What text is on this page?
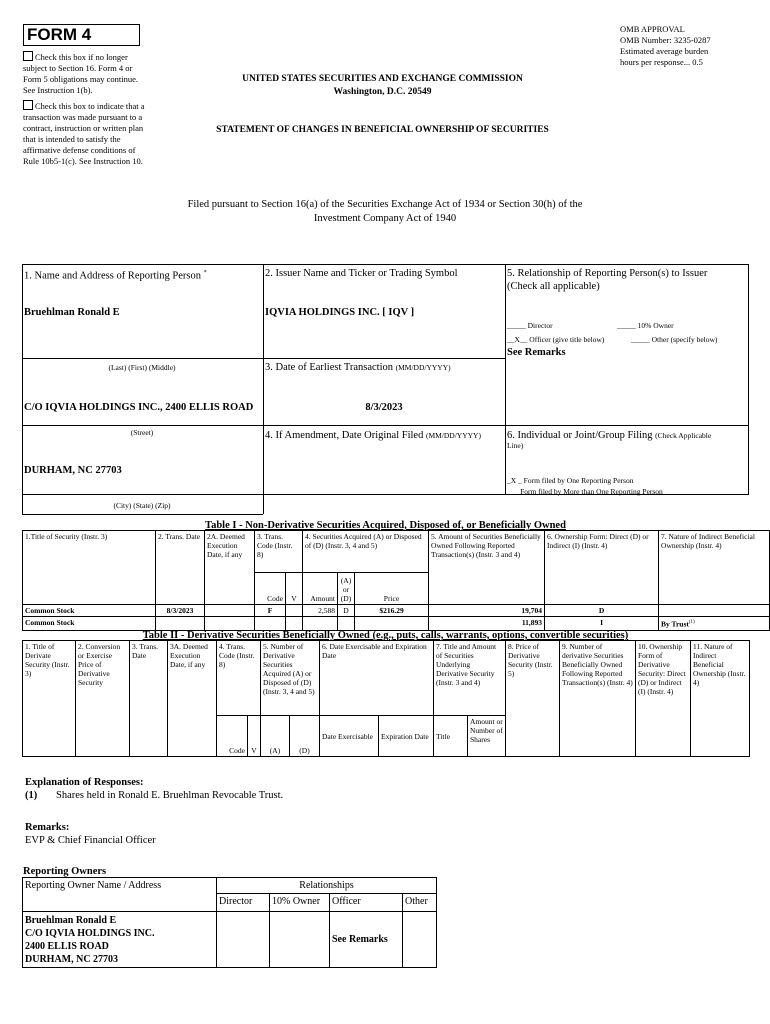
FORM 4
Check this box if no longer subject to Section 16. Form 4 or Form 5 obligations may continue. See Instruction 1(b).
Check this box to indicate that a transaction was made pursuant to a contract, instruction or written plan that is intended to satisfy the affirmative defense conditions of Rule 10b5-1(c). See Instruction 10.
UNITED STATES SECURITIES AND EXCHANGE COMMISSION
Washington, D.C. 20549
STATEMENT OF CHANGES IN BENEFICIAL OWNERSHIP OF SECURITIES
OMB APPROVAL
OMB Number: 3235-0287
Estimated average burden
hours per response... 0.5
Filed pursuant to Section 16(a) of the Securities Exchange Act of 1934 or Section 30(h) of the
Investment Company Act of 1940
1. Name and Address of Reporting Person *
Bruehlman Ronald E
(Last) (First) (Middle)
C/O IQVIA HOLDINGS INC., 2400 ELLIS ROAD
(Street)
DURHAM, NC 27703
(City) (State) (Zip)
2. Issuer Name and Ticker or Trading Symbol
IQVIA HOLDINGS INC. [ IQV ]
3. Date of Earliest Transaction (MM/DD/YYYY)
8/3/2023
4. If Amendment, Date Original Filed (MM/DD/YYYY)
5. Relationship of Reporting Person(s) to Issuer
(Check all applicable)
_____ Director	_____ 10% Owner
__X__ Officer (give title below)	_____ Other (specify below)
See Remarks
6. Individual or Joint/Group Filing (Check Applicable
Line)
_X _ Form filed by One Reporting Person
___ Form filed by More than One Reporting Person
Table I - Non-Derivative Securities Acquired, Disposed of, or Beneficially Owned
1.Title of Security (Instr. 3)	2. Trans. Date	2A. Deemed Execution Date, if any	3. Trans. Code (Instr. 8)		4. Securities Acquired (A) or Disposed of (D) (Instr. 3, 4 and 5)			5. Amount of Securities Beneficially Owned Following Reported Transaction(s) (Instr. 3 and 4)	6. Ownership Form: Direct (D) or Indirect (I) (Instr. 4)	7. Nature of Indirect Beneficial Ownership (Instr. 4)
			Code	V	Amount	(A) or (D)	Price			
Common Stock	8/3/2023		F		2,588	D	$216.29	19,704	D	
Common Stock								11,893	I	By Trust$^{(1)}$
Table II - Derivative Securities Beneficially Owned (e.g., puts, calls, warrants, options, convertible securities)
1. Title of Derivate Security (Instr. 3)	2. Conversion or Exercise Price of Derivative Security	3. Trans. Date	3A. Deemed Execution Date, if any	4. Trans. Code (Instr. 8)		5. Number of Derivative Securities Acquired (A) or Disposed of (D) (Instr. 3, 4 and 5)		6. Date Exercisable and Expiration Date		7. Title and Amount of Securities Underlying Derivative Security (Instr. 3 and 4)		8. Price of Derivative Security (Instr. 5)	9. Number of derivative Securities Beneficially Owned Following Reported Transaction(s) (Instr. 4)	10. Ownership Form of Derivative Security: Direct (D) or Indirect (I) (Instr. 4)	11. Nature of Indirect Beneficial Ownership (Instr. 4)
				Code	V	(A)	(D)	Date Exercisable	Expiration Date	Title	Amount or Number of Shares				
Explanation of Responses:
(1) Shares held in Ronald E. Bruehlman Revocable Trust.
Remarks:
EVP & Chief Financial Officer
Reporting Owners
Reporting Owner Name / Address	Relationships			
	Director	10% Owner	Officer	Other

Bruehlman Ronald E
C/O IQVIA HOLDINGS INC.
2400 ELLIS ROAD
DURHAM, NC 27703			See Remarks	
